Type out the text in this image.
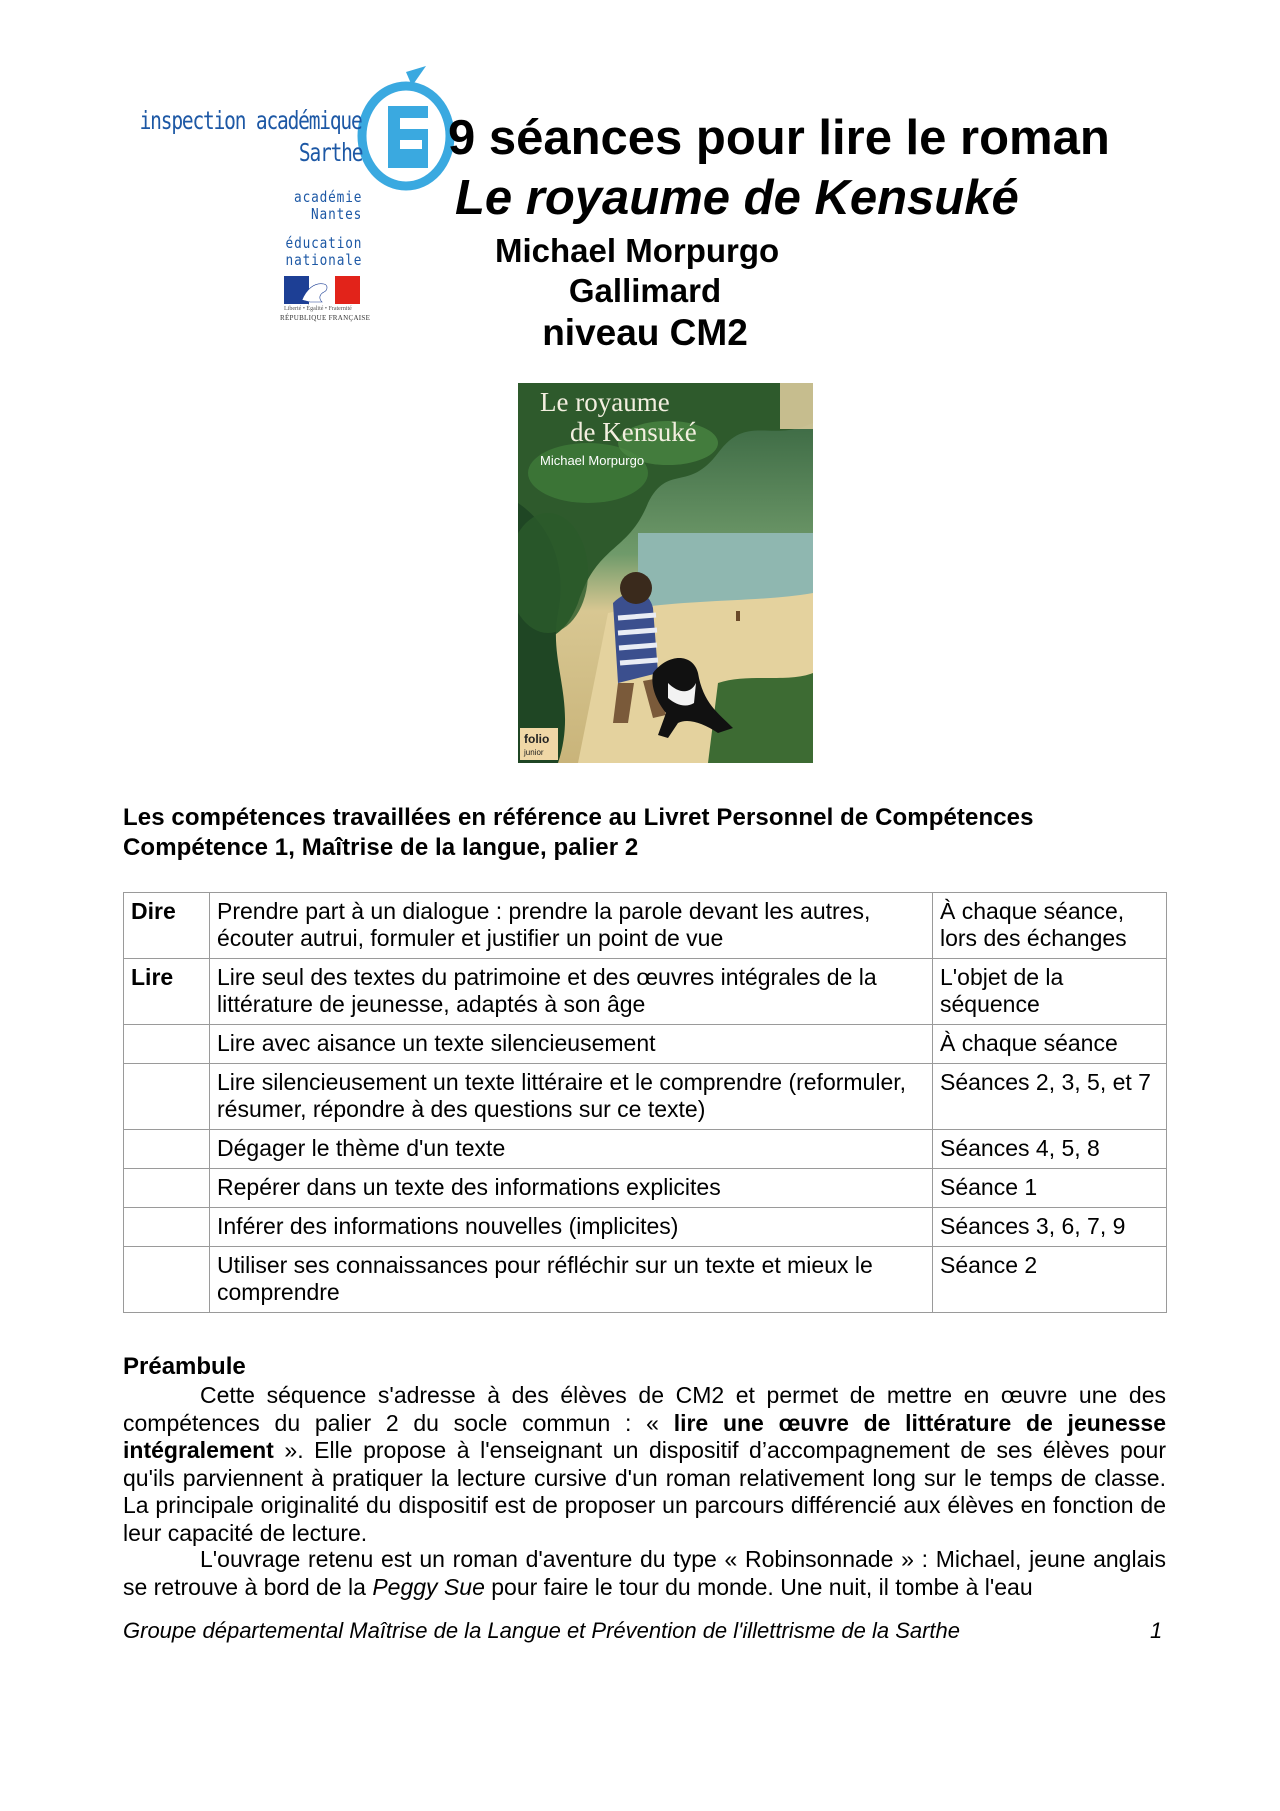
inspection académique
Sarthe
académie
Nantes
éducation
nationale
Liberté • Égalité • Fraternité
RÉPUBLIQUE FRANÇAISE
9 séances pour lire le roman
Le royaume de Kensuké
Michael Morpurgo
Gallimard
niveau CM2
Le royaume
de Kensuké
Michael Morpurgo
folio
junior
Les compétences travaillées en référence au Livret Personnel de Compétences
Compétence 1, Maîtrise de la langue, palier 2
Dire	Prendre part à un dialogue : prendre la parole devant les autres, écouter autrui, formuler et justifier un point de vue	À chaque séance, lors des échanges
Lire	Lire seul des textes du patrimoine et des œuvres intégrales de la littérature de jeunesse, adaptés à son âge	L'objet de la séquence
	Lire avec aisance un texte silencieusement	À chaque séance
	Lire silencieusement un texte littéraire et le comprendre (reformuler, résumer, répondre à des questions sur ce texte)	Séances 2, 3, 5, et 7
	Dégager le thème d'un texte	Séances 4, 5, 8
	Repérer dans un texte des informations explicites	Séance 1
	Inférer des informations nouvelles (implicites)	Séances 3, 6, 7, 9
	Utiliser ses connaissances pour réfléchir sur un texte et mieux le comprendre	Séance 2
Préambule

Cette séquence s'adresse à des élèves de CM2 et permet de mettre en œuvre une des compétences du palier 2 du socle commun : « lire une œuvre de littérature de jeunesse intégralement ». Elle propose à l'enseignant un dispositif d’accompagnement de ses élèves pour qu'ils parviennent à pratiquer la lecture cursive d'un roman relativement long sur le temps de classe. La principale originalité du dispositif est de proposer un parcours différencié aux élèves en fonction de leur capacité de lecture.

L'ouvrage retenu est un roman d'aventure du type « Robinsonnade » : Michael, jeune anglais se retrouve à bord de la Peggy Sue pour faire le tour du monde. Une nuit, il tombe à l'eau

Groupe départemental Maîtrise de la Langue et Prévention de l'illettrisme de la Sarthe	1
